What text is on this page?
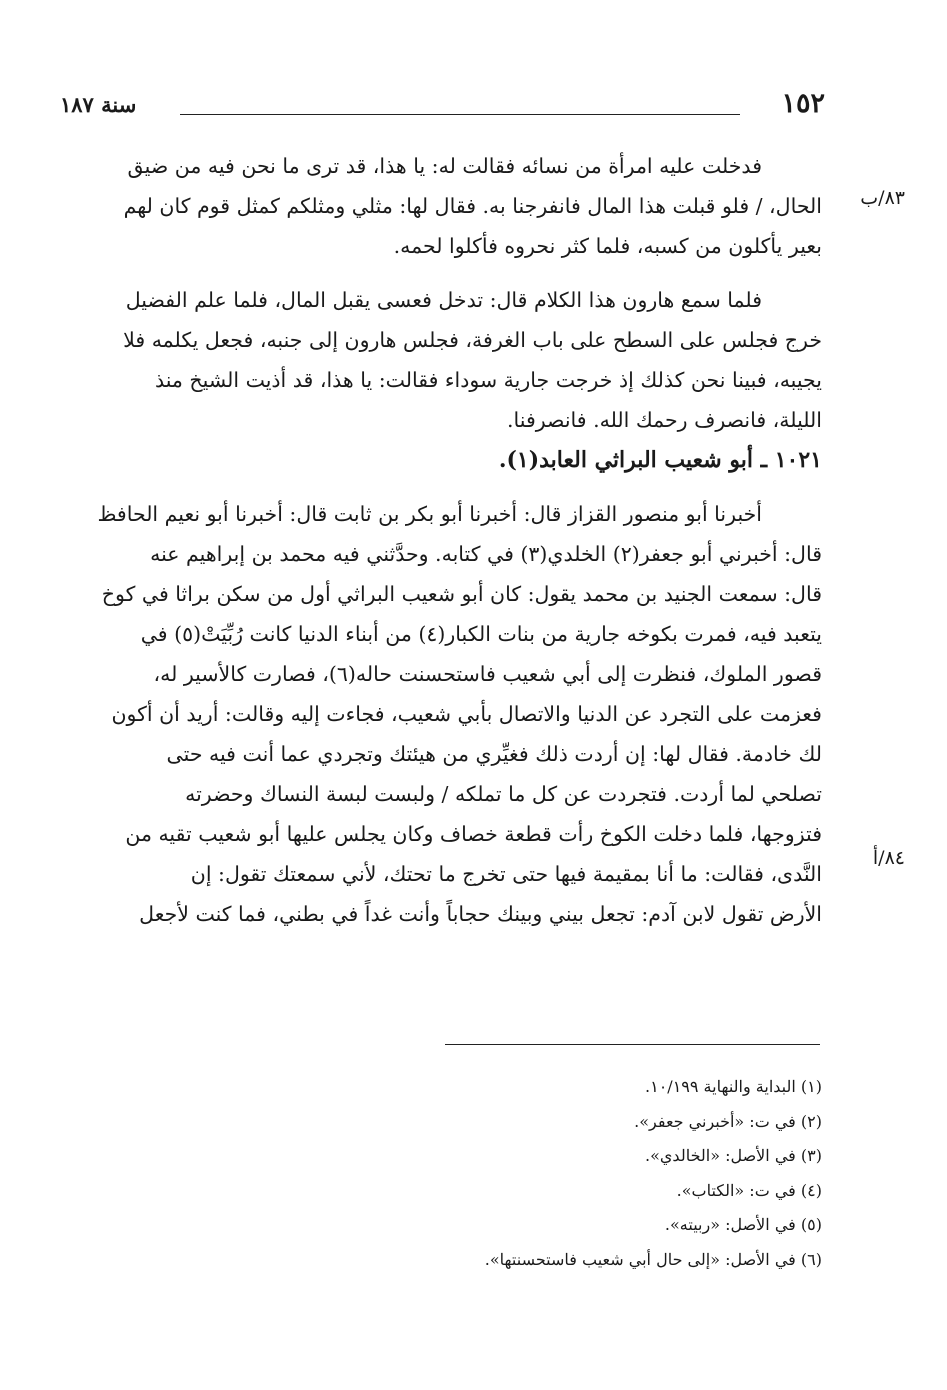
١٥٢
سنة ١٨٧
٨٣/ب
٨٤/أ
فدخلت عليه امرأة من نسائه فقالت له: يا هذا، قد ترى ما نحن فيه من ضيق
الحال، / فلو قبلت هذا المال فانفرجنا به. فقال لها: مثلي ومثلكم كمثل قوم كان لهم
بعير يأكلون من كسبه، فلما كثر نحروه فأكلوا لحمه.
فلما سمع هارون هذا الكلام قال: تدخل فعسى يقبل المال، فلما علم الفضيل
خرج فجلس على السطح على باب الغرفة، فجلس هارون إلى جنبه، فجعل يكلمه فلا
يجيبه، فبينا نحن كذلك إذ خرجت جارية سوداء فقالت: يا هذا، قد أذيت الشيخ منذ
الليلة، فانصرف رحمك الله. فانصرفنا.
١٠٢١ ـ أبو شعيب البراثي العابد(١).
أخبرنا أبو منصور القزاز قال: أخبرنا أبو بكر بن ثابت قال: أخبرنا أبو نعيم الحافظ
قال: أخبرني أبو جعفر(٢) الخلدي(٣) في كتابه. وحدَّثني فيه محمد بن إبراهيم عنه
قال: سمعت الجنيد بن محمد يقول: كان أبو شعيب البراثي أول من سكن براثا في كوخ
يتعبد فيه، فمرت بكوخه جارية من بنات الكبار(٤) من أبناء الدنيا كانت رُبِّيَتْ(٥) في
قصور الملوك، فنظرت إلى أبي شعيب فاستحسنت حاله(٦)، فصارت كالأسير له،
فعزمت على التجرد عن الدنيا والاتصال بأبي شعيب، فجاءت إليه وقالت: أريد أن أكون
لك خادمة. فقال لها: إن أردت ذلك فغيِّري من هيئتك وتجردي عما أنت فيه حتى
تصلحي لما أردت. فتجردت عن كل ما تملكه / ولبست لبسة النساك وحضرته
فتزوجها، فلما دخلت الكوخ رأت قطعة خصاف وكان يجلس عليها أبو شعيب تقيه من
النَّدى، فقالت: ما أنا بمقيمة فيها حتى تخرج ما تحتك، لأني سمعتك تقول: إن
الأرض تقول لابن آدم: تجعل بيني وبينك حجاباً وأنت غداً في بطني، فما كنت لأجعل
(١) البداية والنهاية ١٠/١٩٩.
(٢) في ت: «أخبرني جعفر».
(٣) في الأصل: «الخالدي».
(٤) في ت: «الكتاب».
(٥) في الأصل: «ربيته».
(٦) في الأصل: «إلى حال أبي شعيب فاستحسنتها».
